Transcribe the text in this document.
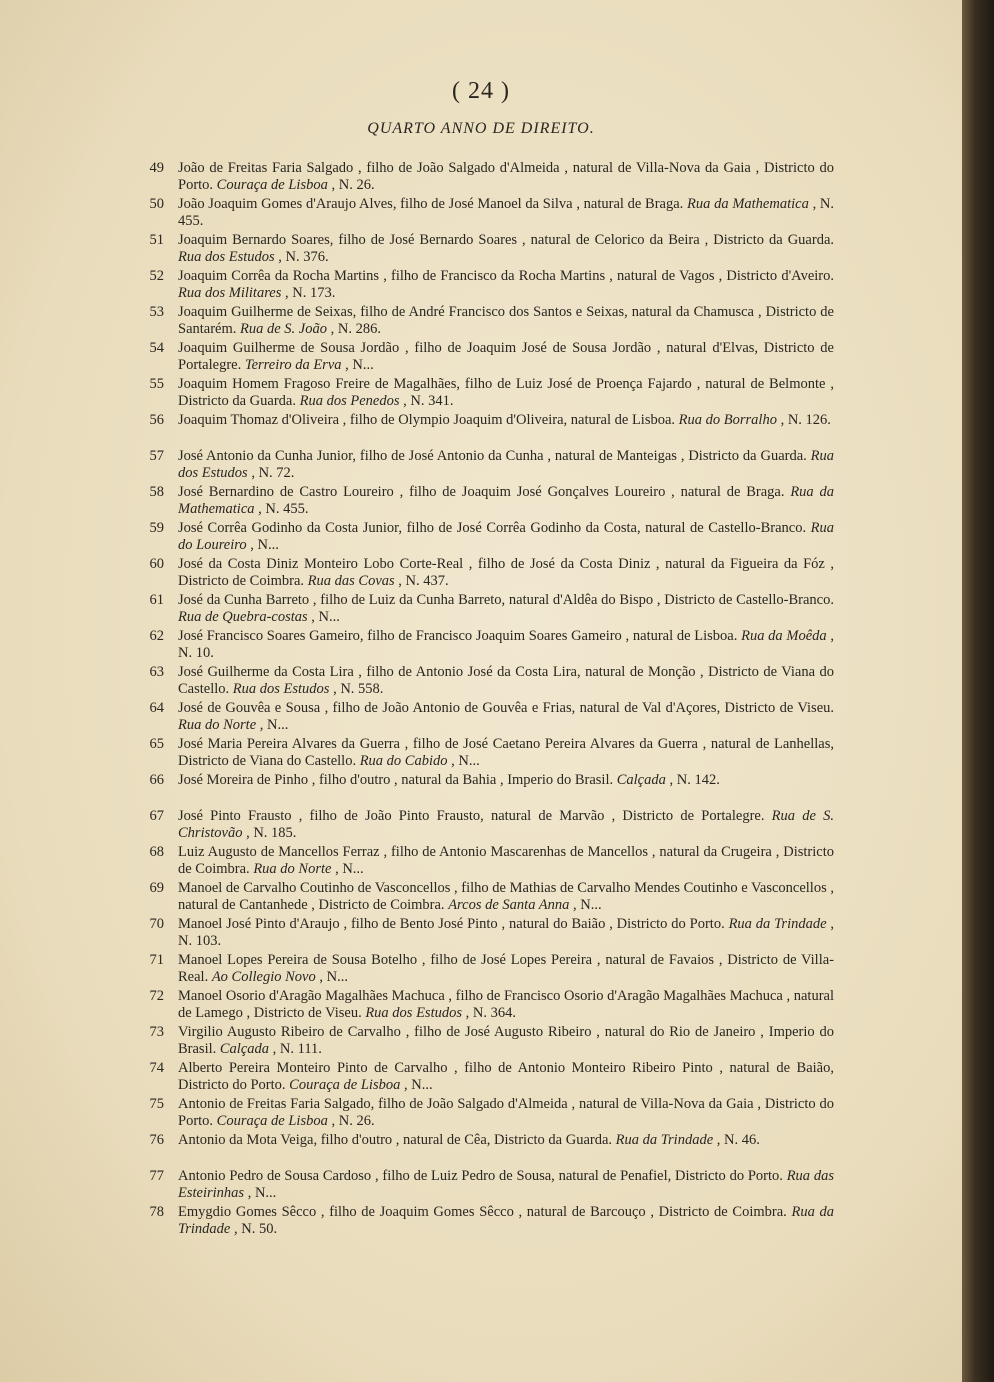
( 24 )
QUARTO ANNO DE DIREITO.
49 João de Freitas Faria Salgado , filho de João Salgado d'Almeida , natural de Villa-Nova da Gaia , Districto do Porto. Couraça de Lisboa , N. 26.
50 João Joaquim Gomes d'Araujo Alves, filho de José Manoel da Silva , natural de Braga. Rua da Mathematica , N. 455.
51 Joaquim Bernardo Soares, filho de José Bernardo Soares , natural de Celorico da Beira , Districto da Guarda. Rua dos Estudos , N. 376.
52 Joaquim Corrêa da Rocha Martins , filho de Francisco da Rocha Martins , natural de Vagos , Districto d'Aveiro. Rua dos Militares , N. 173.
53 Joaquim Guilherme de Seixas, filho de André Francisco dos Santos e Seixas, natural da Chamusca , Districto de Santarém. Rua de S. João , N. 286.
54 Joaquim Guilherme de Sousa Jordão , filho de Joaquim José de Sousa Jordão , natural d'Elvas, Districto de Portalegre. Terreiro da Erva , N...
55 Joaquim Homem Fragoso Freire de Magalhães, filho de Luiz José de Proença Fajardo , natural de Belmonte , Districto da Guarda. Rua dos Penedos , N. 341.
56 Joaquim Thomaz d'Oliveira , filho de Olympio Joaquim d'Oliveira, natural de Lisboa. Rua do Borralho , N. 126.
57 José Antonio da Cunha Junior, filho de José Antonio da Cunha , natural de Manteigas , Districto da Guarda. Rua dos Estudos , N. 72.
58 José Bernardino de Castro Loureiro , filho de Joaquim José Gonçalves Loureiro , natural de Braga. Rua da Mathematica , N. 455.
59 José Corrêa Godinho da Costa Junior, filho de José Corrêa Godinho da Costa, natural de Castello-Branco. Rua do Loureiro , N...
60 José da Costa Diniz Monteiro Lobo Corte-Real , filho de José da Costa Diniz , natural da Figueira da Fóz , Districto de Coimbra. Rua das Covas , N. 437.
61 José da Cunha Barreto , filho de Luiz da Cunha Barreto, natural d'Aldêa do Bispo , Districto de Castello-Branco. Rua de Quebra-costas , N...
62 José Francisco Soares Gameiro, filho de Francisco Joaquim Soares Gameiro , natural de Lisboa. Rua da Moêda , N. 10.
63 José Guilherme da Costa Lira , filho de Antonio José da Costa Lira, natural de Monção , Districto de Viana do Castello. Rua dos Estudos , N. 558.
64 José de Gouvêa e Sousa , filho de João Antonio de Gouvêa e Frias, natural de Val d'Açores, Districto de Viseu. Rua do Norte , N...
65 José Maria Pereira Alvares da Guerra , filho de José Caetano Pereira Alvares da Guerra , natural de Lanhellas, Districto de Viana do Castello. Rua do Cabido , N...
66 José Moreira de Pinho , filho d'outro , natural da Bahia , Imperio do Brasil. Calçada , N. 142.
67 José Pinto Frausto , filho de João Pinto Frausto, natural de Marvão , Districto de Portalegre. Rua de S. Christovão , N. 185.
68 Luiz Augusto de Mancellos Ferraz , filho de Antonio Mascarenhas de Mancellos , natural da Crugeira , Districto de Coimbra. Rua do Norte , N...
69 Manoel de Carvalho Coutinho de Vasconcellos , filho de Mathias de Carvalho Mendes Coutinho e Vasconcellos , natural de Cantanhede , Districto de Coimbra. Arcos de Santa Anna , N...
70 Manoel José Pinto d'Araujo , filho de Bento José Pinto , natural do Baião , Districto do Porto. Rua da Trindade , N. 103.
71 Manoel Lopes Pereira de Sousa Botelho , filho de José Lopes Pereira , natural de Favaios , Districto de Villa-Real. Ao Collegio Novo , N...
72 Manoel Osorio d'Aragão Magalhães Machuca , filho de Francisco Osorio d'Aragão Magalhães Machuca , natural de Lamego , Districto de Viseu. Rua dos Estudos , N. 364.
73 Virgilio Augusto Ribeiro de Carvalho , filho de José Augusto Ribeiro , natural do Rio de Janeiro , Imperio do Brasil. Calçada , N. 111.
74 Alberto Pereira Monteiro Pinto de Carvalho , filho de Antonio Monteiro Ribeiro Pinto , natural de Baião, Districto do Porto. Couraça de Lisboa , N...
75 Antonio de Freitas Faria Salgado, filho de João Salgado d'Almeida , natural de Villa-Nova da Gaia , Districto do Porto. Couraça de Lisboa , N. 26.
76 Antonio da Mota Veiga, filho d'outro , natural de Cêa, Districto da Guarda. Rua da Trindade , N. 46.
77 Antonio Pedro de Sousa Cardoso , filho de Luiz Pedro de Sousa, natural de Penafiel, Districto do Porto. Rua das Esteirinhas , N...
78 Emygdio Gomes Sêcco , filho de Joaquim Gomes Sêcco , natural de Barcouço , Districto de Coimbra. Rua da Trindade , N. 50.
